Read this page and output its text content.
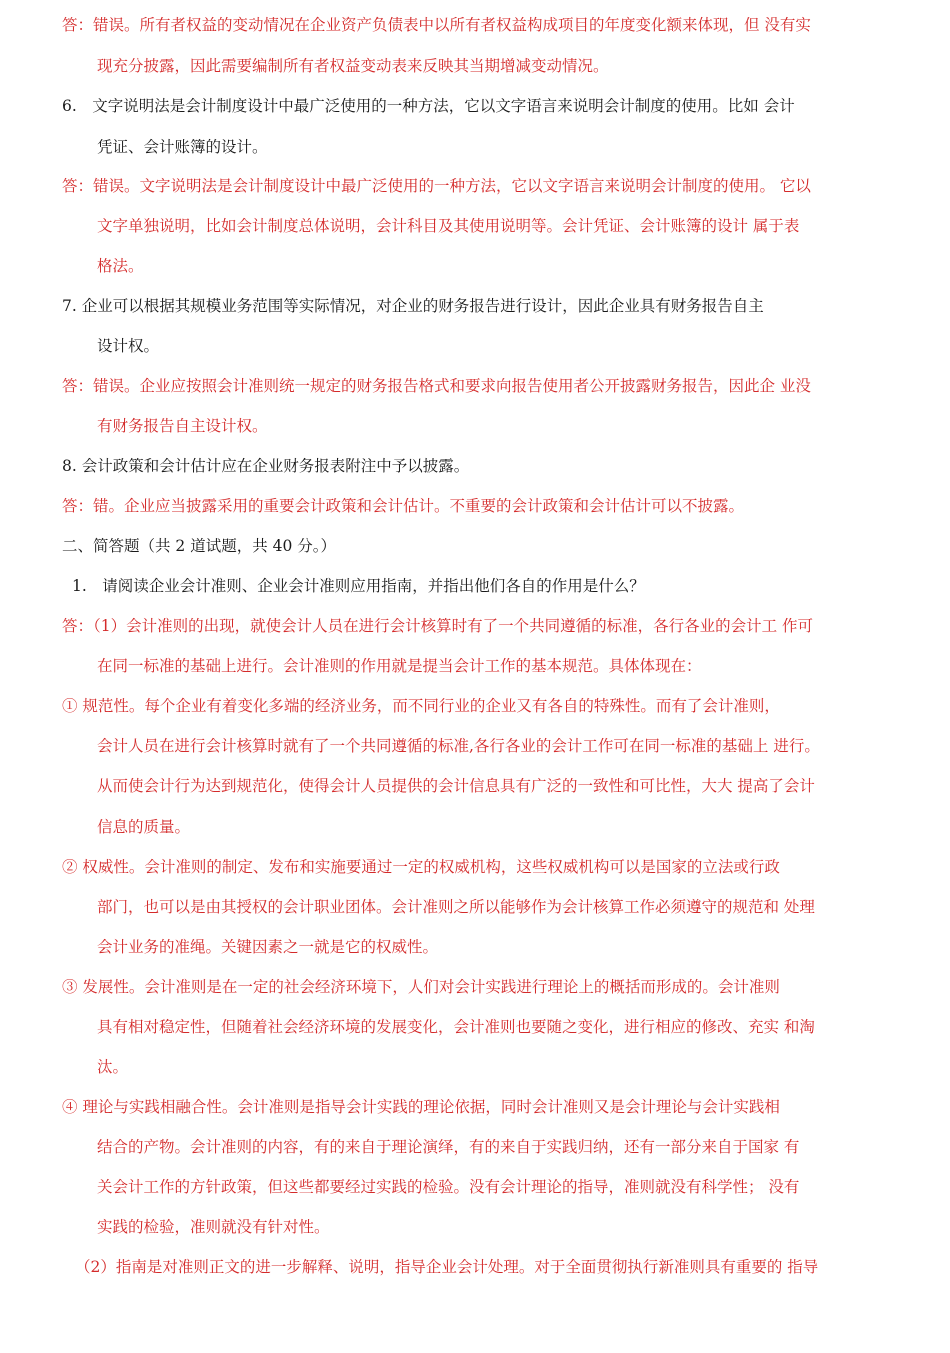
答：错误。所有者权益的变动情况在企业资产负债表中以所有者权益构成项目的年度变化额来体现，但 没有实
现充分披露，因此需要编制所有者权益变动表来反映其当期增减变动情况。
6.　文字说明法是会计制度设计中最广泛使用的一种方法，它以文字语言来说明会计制度的使用。比如 会计
凭证、会计账簿的设计。
答：错误。文字说明法是会计制度设计中最广泛使用的一种方法，它以文字语言来说明会计制度的使用。 它以
文字单独说明，比如会计制度总体说明，会计科目及其使用说明等。会计凭证、会计账簿的设计 属于表
格法。
7. 企业可以根据其规模业务范围等实际情况，对企业的财务报告进行设计，因此企业具有财务报告自主
设计权。
答：错误。企业应按照会计准则统一规定的财务报告格式和要求向报告使用者公开披露财务报告，因此企 业没
有财务报告自主设计权。
8. 会计政策和会计估计应在企业财务报表附注中予以披露。
答：错。企业应当披露采用的重要会计政策和会计估计。不重要的会计政策和会计估计可以不披露。
二、简答题（共 2 道试题，共 40 分。）
1.　请阅读企业会计准则、企业会计准则应用指南，并指出他们各自的作用是什么？
答：（1）会计准则的出现，就使会计人员在进行会计核算时有了一个共同遵循的标准，各行各业的会计工 作可
在同一标准的基础上进行。会计准则的作用就是提当会计工作的基本规范。具体体现在：
① 规范性。每个企业有着变化多端的经济业务，而不同行业的企业又有各自的特殊性。而有了会计准则，
会计人员在进行会计核算时就有了一个共同遵循的标准,各行各业的会计工作可在同一标准的基础上 进行。
从而使会计行为达到规范化，使得会计人员提供的会计信息具有广泛的一致性和可比性，大大 提高了会计
信息的质量。
② 权威性。会计准则的制定、发布和实施要通过一定的权威机构，这些权威机构可以是国家的立法或行政
部门，也可以是由其授权的会计职业团体。会计准则之所以能够作为会计核算工作必须遵守的规范和 处理
会计业务的准绳。关键因素之一就是它的权威性。
③ 发展性。会计准则是在一定的社会经济环境下，人们对会计实践进行理论上的概括而形成的。会计准则
具有相对稳定性，但随着社会经济环境的发展变化，会计准则也要随之变化，进行相应的修改、充实 和淘
汰。
④ 理论与实践相融合性。会计准则是指导会计实践的理论依据，同时会计准则又是会计理论与会计实践相
结合的产物。会计准则的内容，有的来自于理论演绎，有的来自于实践归纳，还有一部分来自于国家 有
关会计工作的方针政策，但这些都要经过实践的检验。没有会计理论的指导，准则就没有科学性； 没有
实践的检验，准则就没有针对性。
（2）指南是对准则正文的进一步解释、说明，指导企业会计处理。对于全面贯彻执行新准则具有重要的 指导
